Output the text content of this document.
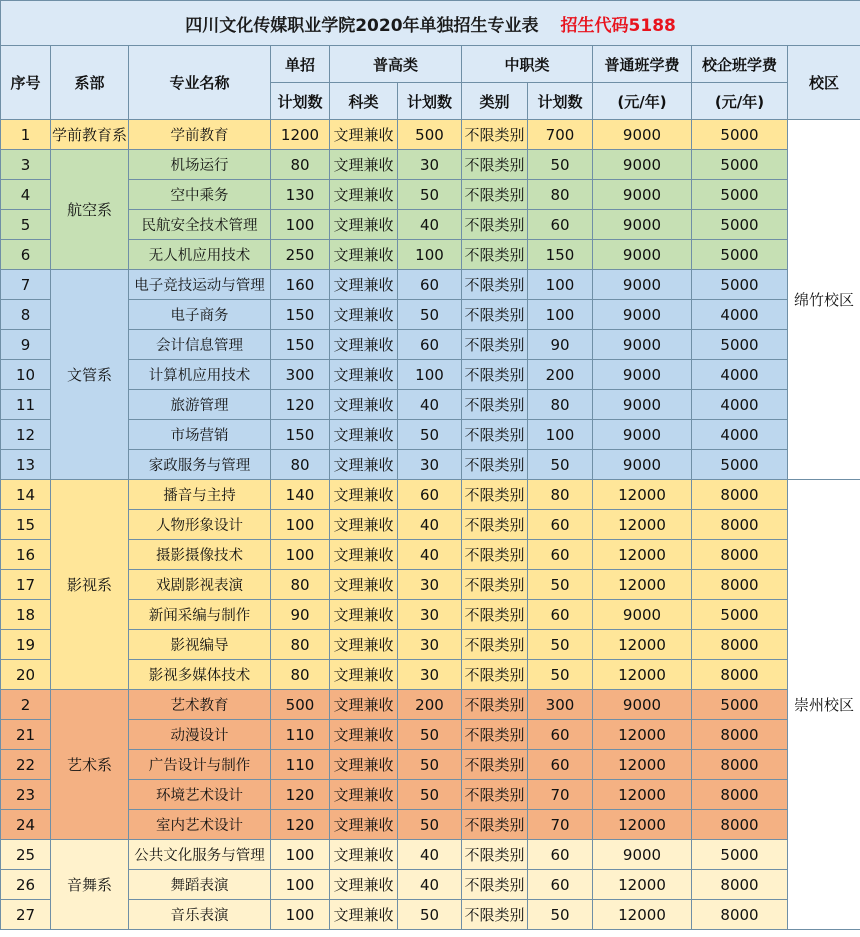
四川文化传媒职业学院2020年单独招生专业表 招生代码5188										
序号	系部	专业名称	单招	普高类		中职类		普通班学费	校企班学费	校区
			计划数	科类	计划数	类别	计划数	(元/年)	(元/年)	
1	学前教育系	学前教育	1200	文理兼收	500	不限类别	700	9000	5000	绵竹校区
3	航空系	机场运行	80	文理兼收	30	不限类别	50	9000	5000	
4		空中乘务	130	文理兼收	50	不限类别	80	9000	5000	
5		民航安全技术管理	100	文理兼收	40	不限类别	60	9000	5000	
6		无人机应用技术	250	文理兼收	100	不限类别	150	9000	5000	
7	文管系	电子竞技运动与管理	160	文理兼收	60	不限类别	100	9000	5000	
8		电子商务	150	文理兼收	50	不限类别	100	9000	4000	
9		会计信息管理	150	文理兼收	60	不限类别	90	9000	5000	
10		计算机应用技术	300	文理兼收	100	不限类别	200	9000	4000	
11		旅游管理	120	文理兼收	40	不限类别	80	9000	4000	
12		市场营销	150	文理兼收	50	不限类别	100	9000	4000	
13		家政服务与管理	80	文理兼收	30	不限类别	50	9000	5000	
14	影视系	播音与主持	140	文理兼收	60	不限类别	80	12000	8000	崇州校区
15		人物形象设计	100	文理兼收	40	不限类别	60	12000	8000	
16		摄影摄像技术	100	文理兼收	40	不限类别	60	12000	8000	
17		戏剧影视表演	80	文理兼收	30	不限类别	50	12000	8000	
18		新闻采编与制作	90	文理兼收	30	不限类别	60	9000	5000	
19		影视编导	80	文理兼收	30	不限类别	50	12000	8000	
20		影视多媒体技术	80	文理兼收	30	不限类别	50	12000	8000	
2	艺术系	艺术教育	500	文理兼收	200	不限类别	300	9000	5000	
21		动漫设计	110	文理兼收	50	不限类别	60	12000	8000	
22		广告设计与制作	110	文理兼收	50	不限类别	60	12000	8000	
23		环境艺术设计	120	文理兼收	50	不限类别	70	12000	8000	
24		室内艺术设计	120	文理兼收	50	不限类别	70	12000	8000	
25	音舞系	公共文化服务与管理	100	文理兼收	40	不限类别	60	9000	5000	
26		舞蹈表演	100	文理兼收	40	不限类别	60	12000	8000	
27		音乐表演	100	文理兼收	50	不限类别	50	12000	8000	
